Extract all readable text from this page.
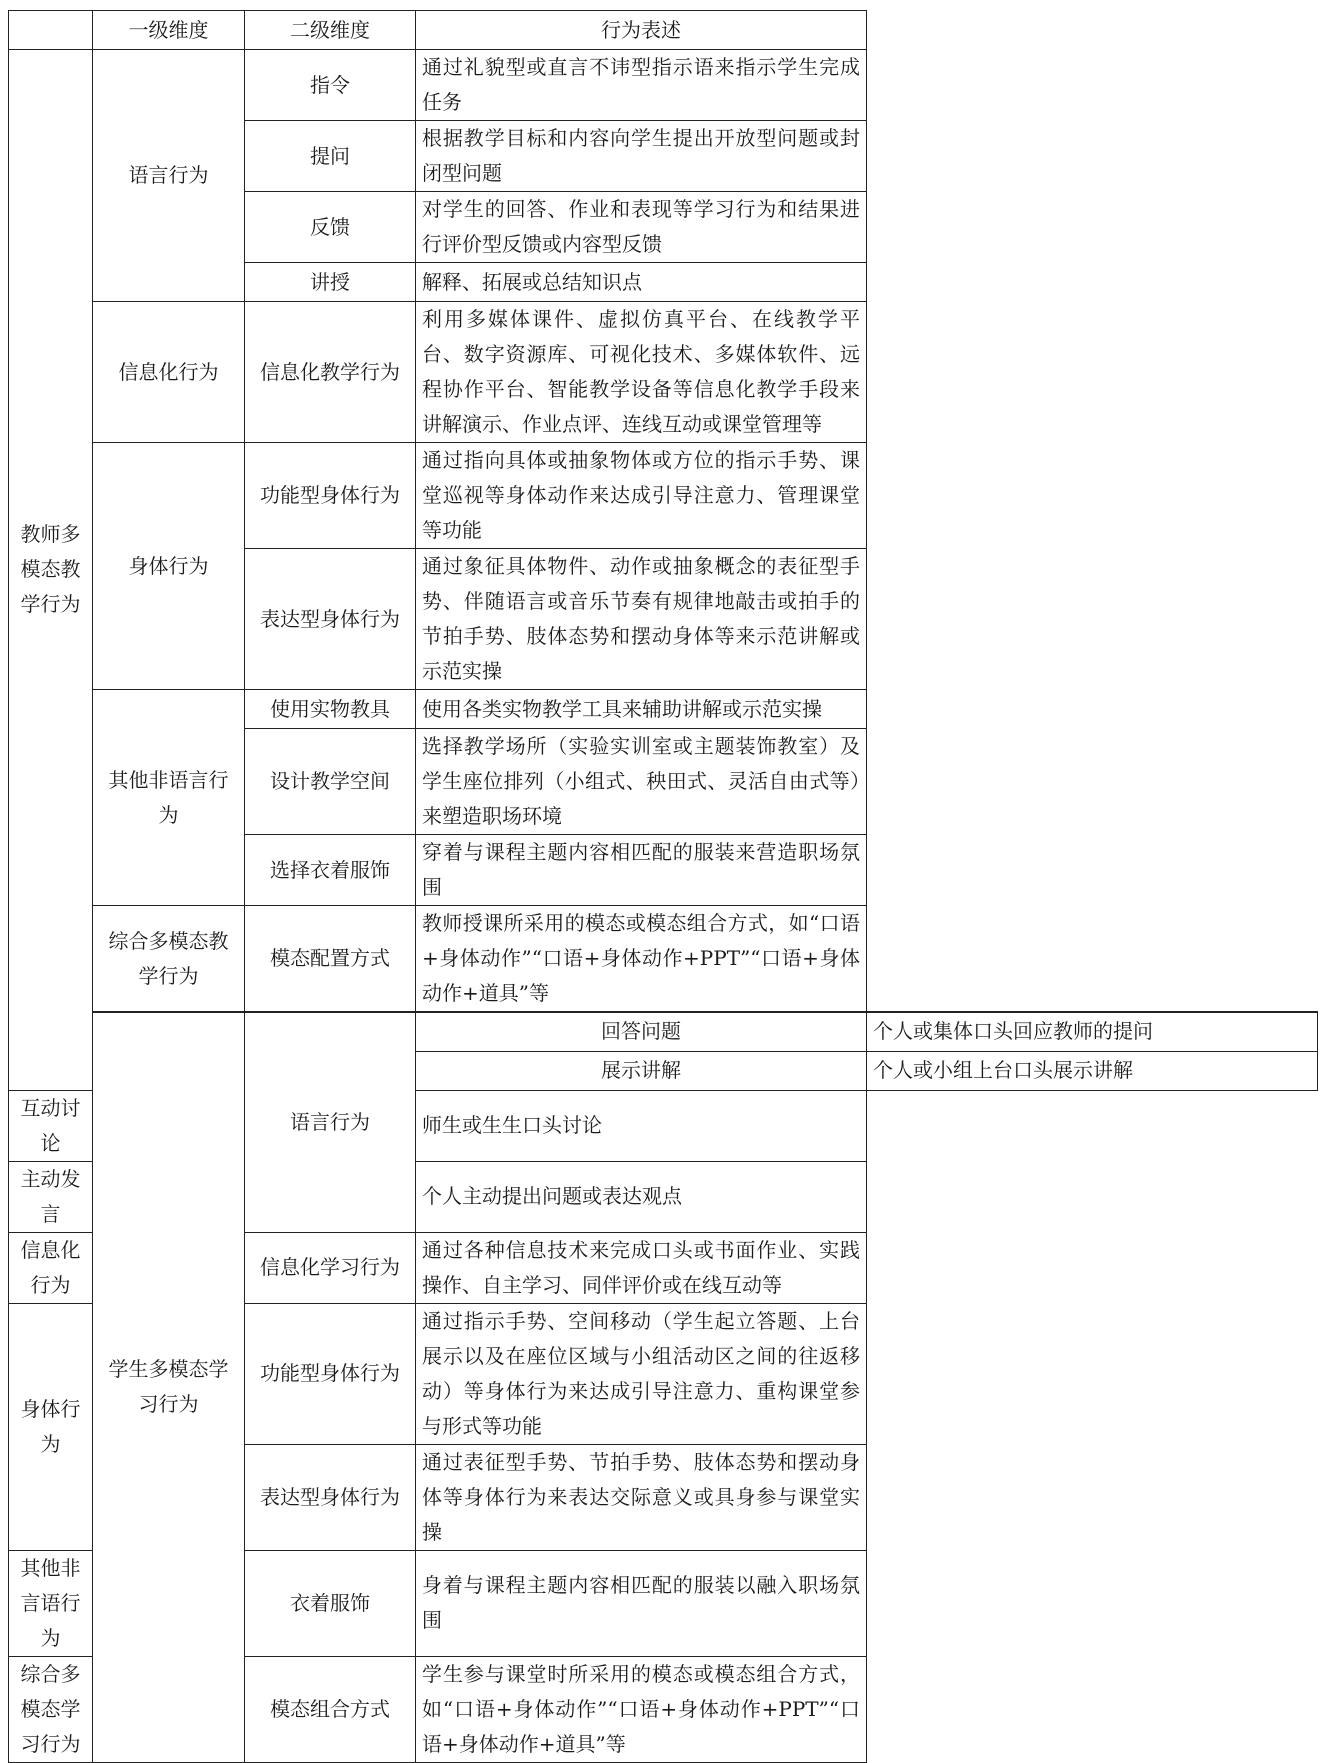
	一级维度	二级维度	行为表述	
教师多模态教学行为	语言行为	指令	通过礼貌型或直言不讳型指示语来指示学生完成任务	
		提问	根据教学目标和内容向学生提出开放型问题或封闭型问题	
		反馈	对学生的回答、作业和表现等学习行为和结果进行评价型反馈或内容型反馈	
		讲授	解释、拓展或总结知识点	
	信息化行为	信息化教学行为	利用多媒体课件、虚拟仿真平台、在线教学平台、数字资源库、可视化技术、多媒体软件、远程协作平台、智能教学设备等信息化教学手段来讲解演示、作业点评、连线互动或课堂管理等	
	身体行为	功能型身体行为	通过指向具体或抽象物体或方位的指示手势、课堂巡视等身体动作来达成引导注意力、管理课堂等功能	
		表达型身体行为	通过象征具体物件、动作或抽象概念的表征型手势、伴随语言或音乐节奏有规律地敲击或拍手的节拍手势、肢体态势和摆动身体等来示范讲解或示范实操	
	其他非语言行为	使用实物教具	使用各类实物教学工具来辅助讲解或示范实操	
		设计教学空间	选择教学场所（实验实训室或主题装饰教室）及学生座位排列（小组式、秧田式、灵活自由式等）来塑造职场环境	
		选择衣着服饰	穿着与课程主题内容相匹配的服装来营造职场氛围	
	综合多模态教学行为	模态配置方式	教师授课所采用的模态或模态组合方式，如“口语+身体动作”“口语+身体动作+PPT”“口语+身体动作+道具”等	
	学生多模态学习行为	语言行为	回答问题	个人或集体口头回应教师的提问
			展示讲解	个人或小组上台口头展示讲解
互动讨论			师生或生生口头讨论	
主动发言			个人主动提出问题或表达观点	
信息化行为		信息化学习行为	通过各种信息技术来完成口头或书面作业、实践操作、自主学习、同伴评价或在线互动等	
身体行为		功能型身体行为	通过指示手势、空间移动（学生起立答题、上台展示以及在座位区域与小组活动区之间的往返移动）等身体行为来达成引导注意力、重构课堂参与形式等功能	
		表达型身体行为	通过表征型手势、节拍手势、肢体态势和摆动身体等身体行为来表达交际意义或具身参与课堂实操	
其他非言语行为		衣着服饰	身着与课程主题内容相匹配的服装以融入职场氛围	
综合多模态学习行为		模态组合方式	学生参与课堂时所采用的模态或模态组合方式，如“口语+身体动作”“口语+身体动作+PPT”“口语+身体动作+道具”等	
